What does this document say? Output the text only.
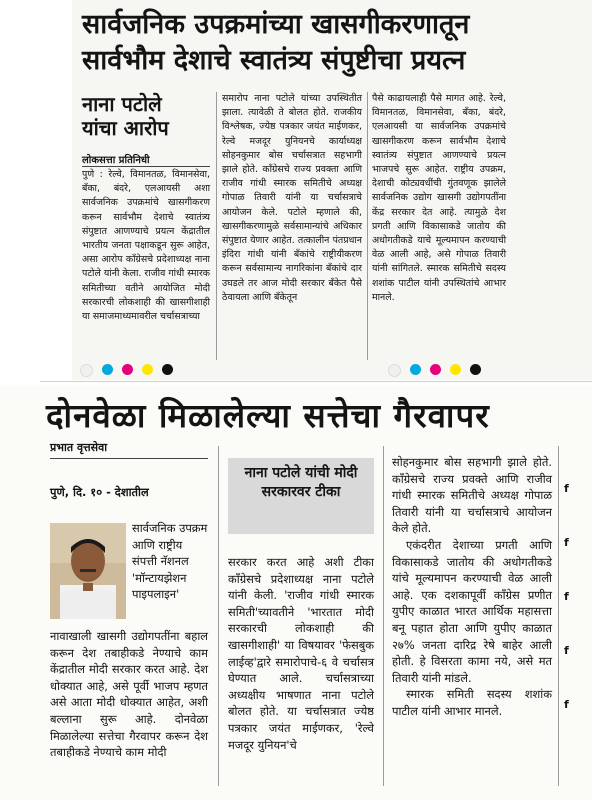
सार्वजनिक उपक्रमांच्या खासगीकरणातून
सार्वभौम देशाचे स्वातंत्र्य संपुष्टीचा प्रयत्न
नाना पटोले यांचा आरोप
लोकसत्ता प्रतिनिधी

पुणे : रेल्वे, विमानतळ, विमानसेवा, बँका, बंदरे, एलआयसी अशा सार्वजनिक उपक्रमांचे खासगीकरण करून सार्वभौम देशाचे स्वातंत्र्य संपुष्टात आणण्याचे प्रयत्न केंद्रातील भारतीय जनता पक्षाकडून सुरू आहेत, असा आरोप काँग्रेसचे प्रदेशाध्यक्ष नाना पटोले यांनी केला. राजीव गांधी स्मारक समितीच्या वतीने आयोजित मोदी सरकारची लोकशाही की खासगीशाही या समाजमाध्यमावरील चर्चासत्राच्या

समारोप नाना पटोले यांच्या उपस्थितीत झाला. त्यावेळी ते बोलत होते. राजकीय विश्लेषक, ज्येष्ठ पत्रकार जयंत माईणकर, रेल्वे मजदूर युनियनचे कार्याध्यक्ष सोहनकुमार बोस चर्चासत्रात सहभागी झाले होते. काँग्रेसचे राज्य प्रवक्ता आणि राजीव गांधी स्मारक समितीचे अध्यक्ष गोपाळ तिवारी यांनी या चर्चासत्राचे आयोजन केले. पटोले म्हणाले की, खासगीकरणामुळे सर्वसामान्यांचे अधिकार संपुष्टात येणार आहेत. तत्कालीन पंतप्रधान इंदिरा गांधी यांनी बँकांचे राष्ट्रीयीकरण करून सर्वसामान्य नागरिकांना बँकांचे दार उघडले तर आज मोदी सरकार बँकेत पैसे ठेवायला आणि बँकेतून

पैसे काढायलाही पैसे मागत आहे. रेल्वे, विमानतळ, विमानसेवा, बँका, बंदरे, एलआयसी या सार्वजनिक उपक्रमांचे खासगीकरण करून सार्वभौम देशाचे स्वातंत्र्य संपुष्टात आणण्याचे प्रयत्न भाजपचे सुरू आहेत. राष्ट्रीय उपक्रम, देशाची कोट्यवधींची गुंतवणूक झालेले सार्वजनिक उद्योग खासगी उद्योगपतींना केंद्र सरकार देत आहे. त्यामुळे देश प्रगती आणि विकासाकडे जातोय की अधोगतीकडे याचे मूल्यमापन करण्याची वेळ आली आहे, असे गोपाळ तिवारी यांनी सांगितले. स्मारक समितीचे सदस्य शशांक पाटील यांनी उपस्थितांचे आभार मानले.

दोनवेळा मिळालेल्या सत्तेचा गैरवापर
प्रभात वृत्तसेवा

पुणे, दि. १० - देशातील

सार्वजनिक उपक्रम आणि राष्ट्रीय संपत्ती नॅशनल 'मॉन्टायझेशन पाइपलाइन'

नावाखाली खासगी उद्योगपतींना बहाल करून देश तबाहीकडे नेण्याचे काम केंद्रातील मोदी सरकार करत आहे. देश धोक्यात आहे, असे पूर्वी भाजप म्हणत असे आता मोदी धोक्यात आहेत, अशी बल्लाना सुरू आहे. दोनवेळा मिळालेल्या सत्तेचा गैरवापर करून देश तबाहीकडे नेण्याचे काम मोदी

नाना पटोले यांची मोदी सरकारवर टीका

सरकार करत आहे अशी टीका काँग्रेसचे प्रदेशाध्यक्ष नाना पटोले यांनी केली. 'राजीव गांधी स्मारक समिती'च्यावतीने 'भारतात मोदी सरकारची लोकशाही की खासगीशाही' या विषयावर 'फेसबुक लाईव्ह'द्वारे समारोपाचे-६ वे चर्चासत्र घेण्यात आले. चर्चासत्राच्या अध्यक्षीय भाषणात नाना पटोले बोलत होते. या चर्चासत्रात ज्येष्ठ पत्रकार जयंत माईणकर, 'रेल्वे मजदूर युनियन'चे

सोहनकुमार बोस सहभागी झाले होते. काँग्रेसचे राज्य प्रवक्ते आणि राजीव गांधी स्मारक समितीचे अध्यक्ष गोपाळ तिवारी यांनी या चर्चासत्राचे आयोजन केले होते.

एकंदरीत देशाच्या प्रगती आणि विकासाकडे जातोय की अधोगतीकडे यांचे मूल्यमापन करण्याची वेळ आली आहे. एक दशकापूर्वी काँग्रेस प्रणीत युपीए काळात भारत आर्थिक महासत्ता बनू पहात होता आणि युपीए काळात २७% जनता दारिद्र रेषे बाहेर आली होती. हे विसरता कामा नये, असे मत तिवारी यांनी मांडले.

स्मारक समिती सदस्य शशांक पाटील यांनी आभार मानले.

f
f
f
f
f
